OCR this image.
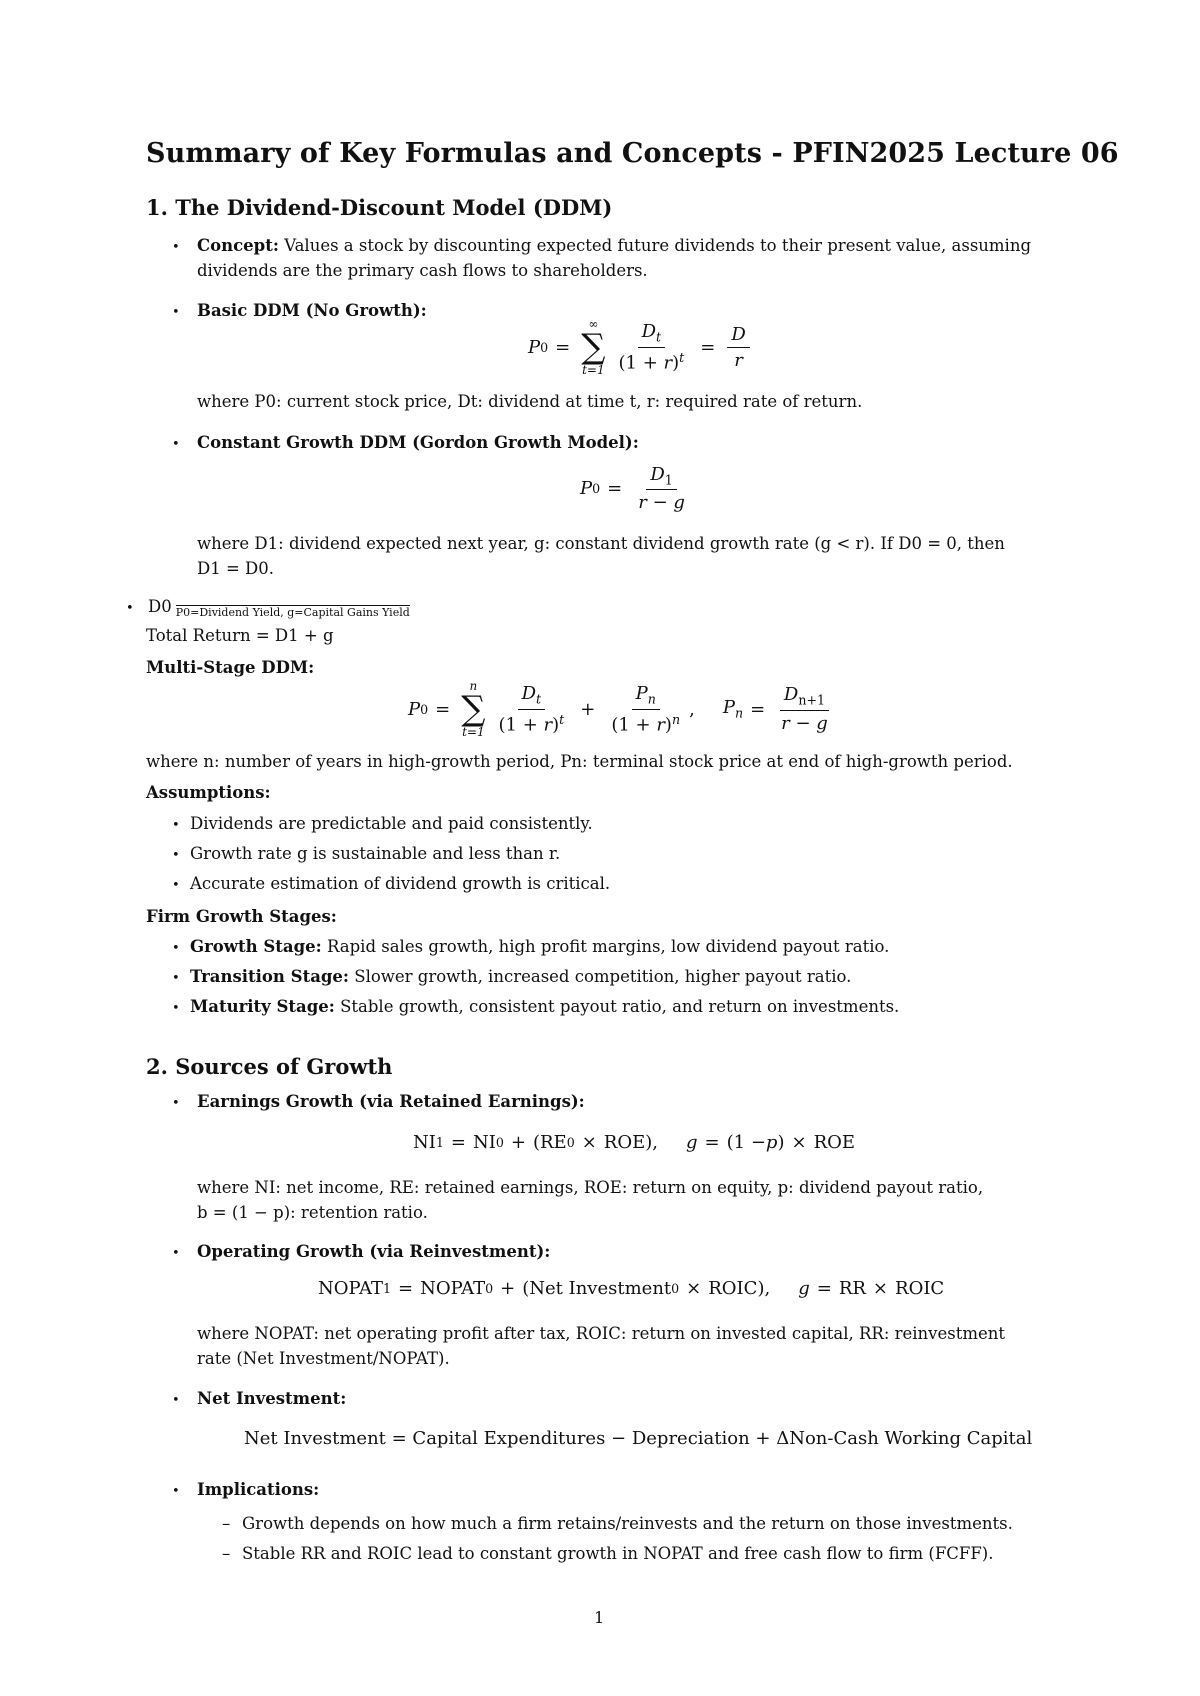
Summary of Key Formulas and Concepts - PFIN2025 Lecture 06
1. The Dividend-Discount Model (DDM)
• Concept: Values a stock by discounting expected future dividends to their present value, assuming
dividends are the primary cash flows to shareholders.
• Basic DDM (No Growth):
P 0 =
∞
∑
$t=1 \frac{D_t}{(1 + r)^t} = \frac{D}{r}$
where P0: current stock price, Dt: dividend at time t, r: required rate of return.
• Constant Growth DDM (Gordon Growth Model):
P $0 = \frac{D_1}{r - g}$
where D1: dividend expected next year, g: constant dividend growth rate (g < r). If D0 = 0, then
D1 = D0.
• D0 $_{P0=Dividend Yield, g=Capital Gains Yield}$
Total Return = D1 + g
Multi-Stage DDM:
P 0 =
n
∑
$t=1 \frac{D_t}{(1 + r)^t} + \frac{P_n}{(1 + r)^n}$ , $P_n = \frac{D_{n+1}}{r - g}$
where n: number of years in high-growth period, Pn: terminal stock price at end of high-growth period.
Assumptions:
• Dividends are predictable and paid consistently.
• Growth rate g is sustainable and less than r.
• Accurate estimation of dividend growth is critical.
Firm Growth Stages:
• Growth Stage: Rapid sales growth, high profit margins, low dividend payout ratio.
• Transition Stage: Slower growth, increased competition, higher payout ratio.
• Maturity Stage: Stable growth, consistent payout ratio, and return on investments.
2. Sources of Growth
• Earnings Growth (via Retained Earnings):
NI 1 = NI 0 + (RE 0 × ROE), g = (1 − p ) × ROE
where NI: net income, RE: retained earnings, ROE: return on equity, p: dividend payout ratio,
b = (1 − p): retention ratio.
• Operating Growth (via Reinvestment):
NOPAT 1 = NOPAT 0 + (Net Investment 0 × ROIC), g = RR × ROIC
where NOPAT: net operating profit after tax, ROIC: return on invested capital, RR: reinvestment
rate (Net Investment/NOPAT).
• Net Investment:
Net Investment = Capital Expenditures − Depreciation + ΔNon-Cash Working Capital
• Implications:
– Growth depends on how much a firm retains/reinvests and the return on those investments.
– Stable RR and ROIC lead to constant growth in NOPAT and free cash flow to firm (FCFF).
1
